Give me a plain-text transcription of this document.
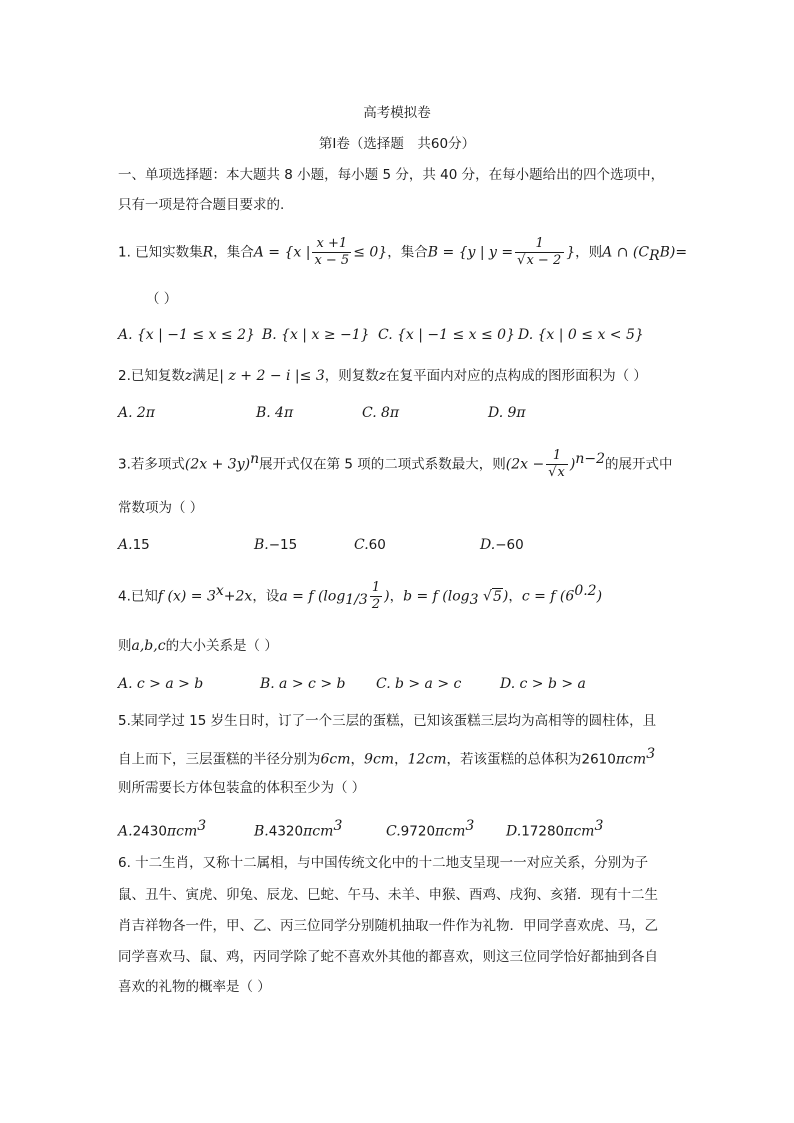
高考模拟卷
第Ⅰ卷（选择题　共60分）
一、单项选择题：本大题共 8 小题，每小题 5 分，共 40 分，在每小题给出的四个选项中，
只有一项是符合题目要求的.
1. 已知实数集R，集合A = {x | $\frac{x +1}{x - 5} \le 0$}，集合B = {y | $y = \frac{1}{√x - 2}$ }，则A ∩ $(C_RB)=$
（ ）
A. {x | −1 ≤ x ≤ 2} B. {x | x ≥ −1} C. {x | −1 ≤ x ≤ 0} D. {x | 0 ≤ x < 5}
2.已知复数z满足| z + 2 − i |≤ 3，则复数z在复平面内对应的点构成的图形面积为（ ）
A. 2π	B. 4π	C. 8π	D. 9π
3.若多项式$(2x + 3y)^n$展开式仅在第 5 项的二项式系数最大，则$(2x - \frac{1}{√x} )^{n-2}$的展开式中
常数项为（ ）
A.15	B.−15	C.60	D.−60
4.已知f $(x) = 3^x+2x$，设a = f ($\log_{1/3} \frac{1}{2}$ )，b = f ($\log_3$ √5)，c = f $(6^{0.2})$
则a,b,c的大小关系是（ ）
A. c > a > b	B. a > c > b C. b > a > c	D. c > b > a
5.某同学过 15 岁生日时，订了一个三层的蛋糕，已知该蛋糕三层均为高相等的圆柱体，且
自上而下，三层蛋糕的半径分别为6cm，9cm，12cm，若该蛋糕的总体积为2610πcm$^3$
则所需要长方体包装盒的体积至少为（ ）
A.2430πcm$^3$	B.4320πcm$^3$	C.9720πcm$^3$ D.17280πcm$^3$
6. 十二生肖，又称十二属相，与中国传统文化中的十二地支呈现一一对应关系，分别为子
鼠、丑牛、寅虎、卯兔、辰龙、巳蛇、午马、未羊、申猴、酉鸡、戌狗、亥猪．现有十二生
肖吉祥物各一件，甲、乙、丙三位同学分别随机抽取一件作为礼物．甲同学喜欢虎、马，乙
同学喜欢马、鼠、鸡，丙同学除了蛇不喜欢外其他的都喜欢，则这三位同学恰好都抽到各自
喜欢的礼物的概率是（ ）
